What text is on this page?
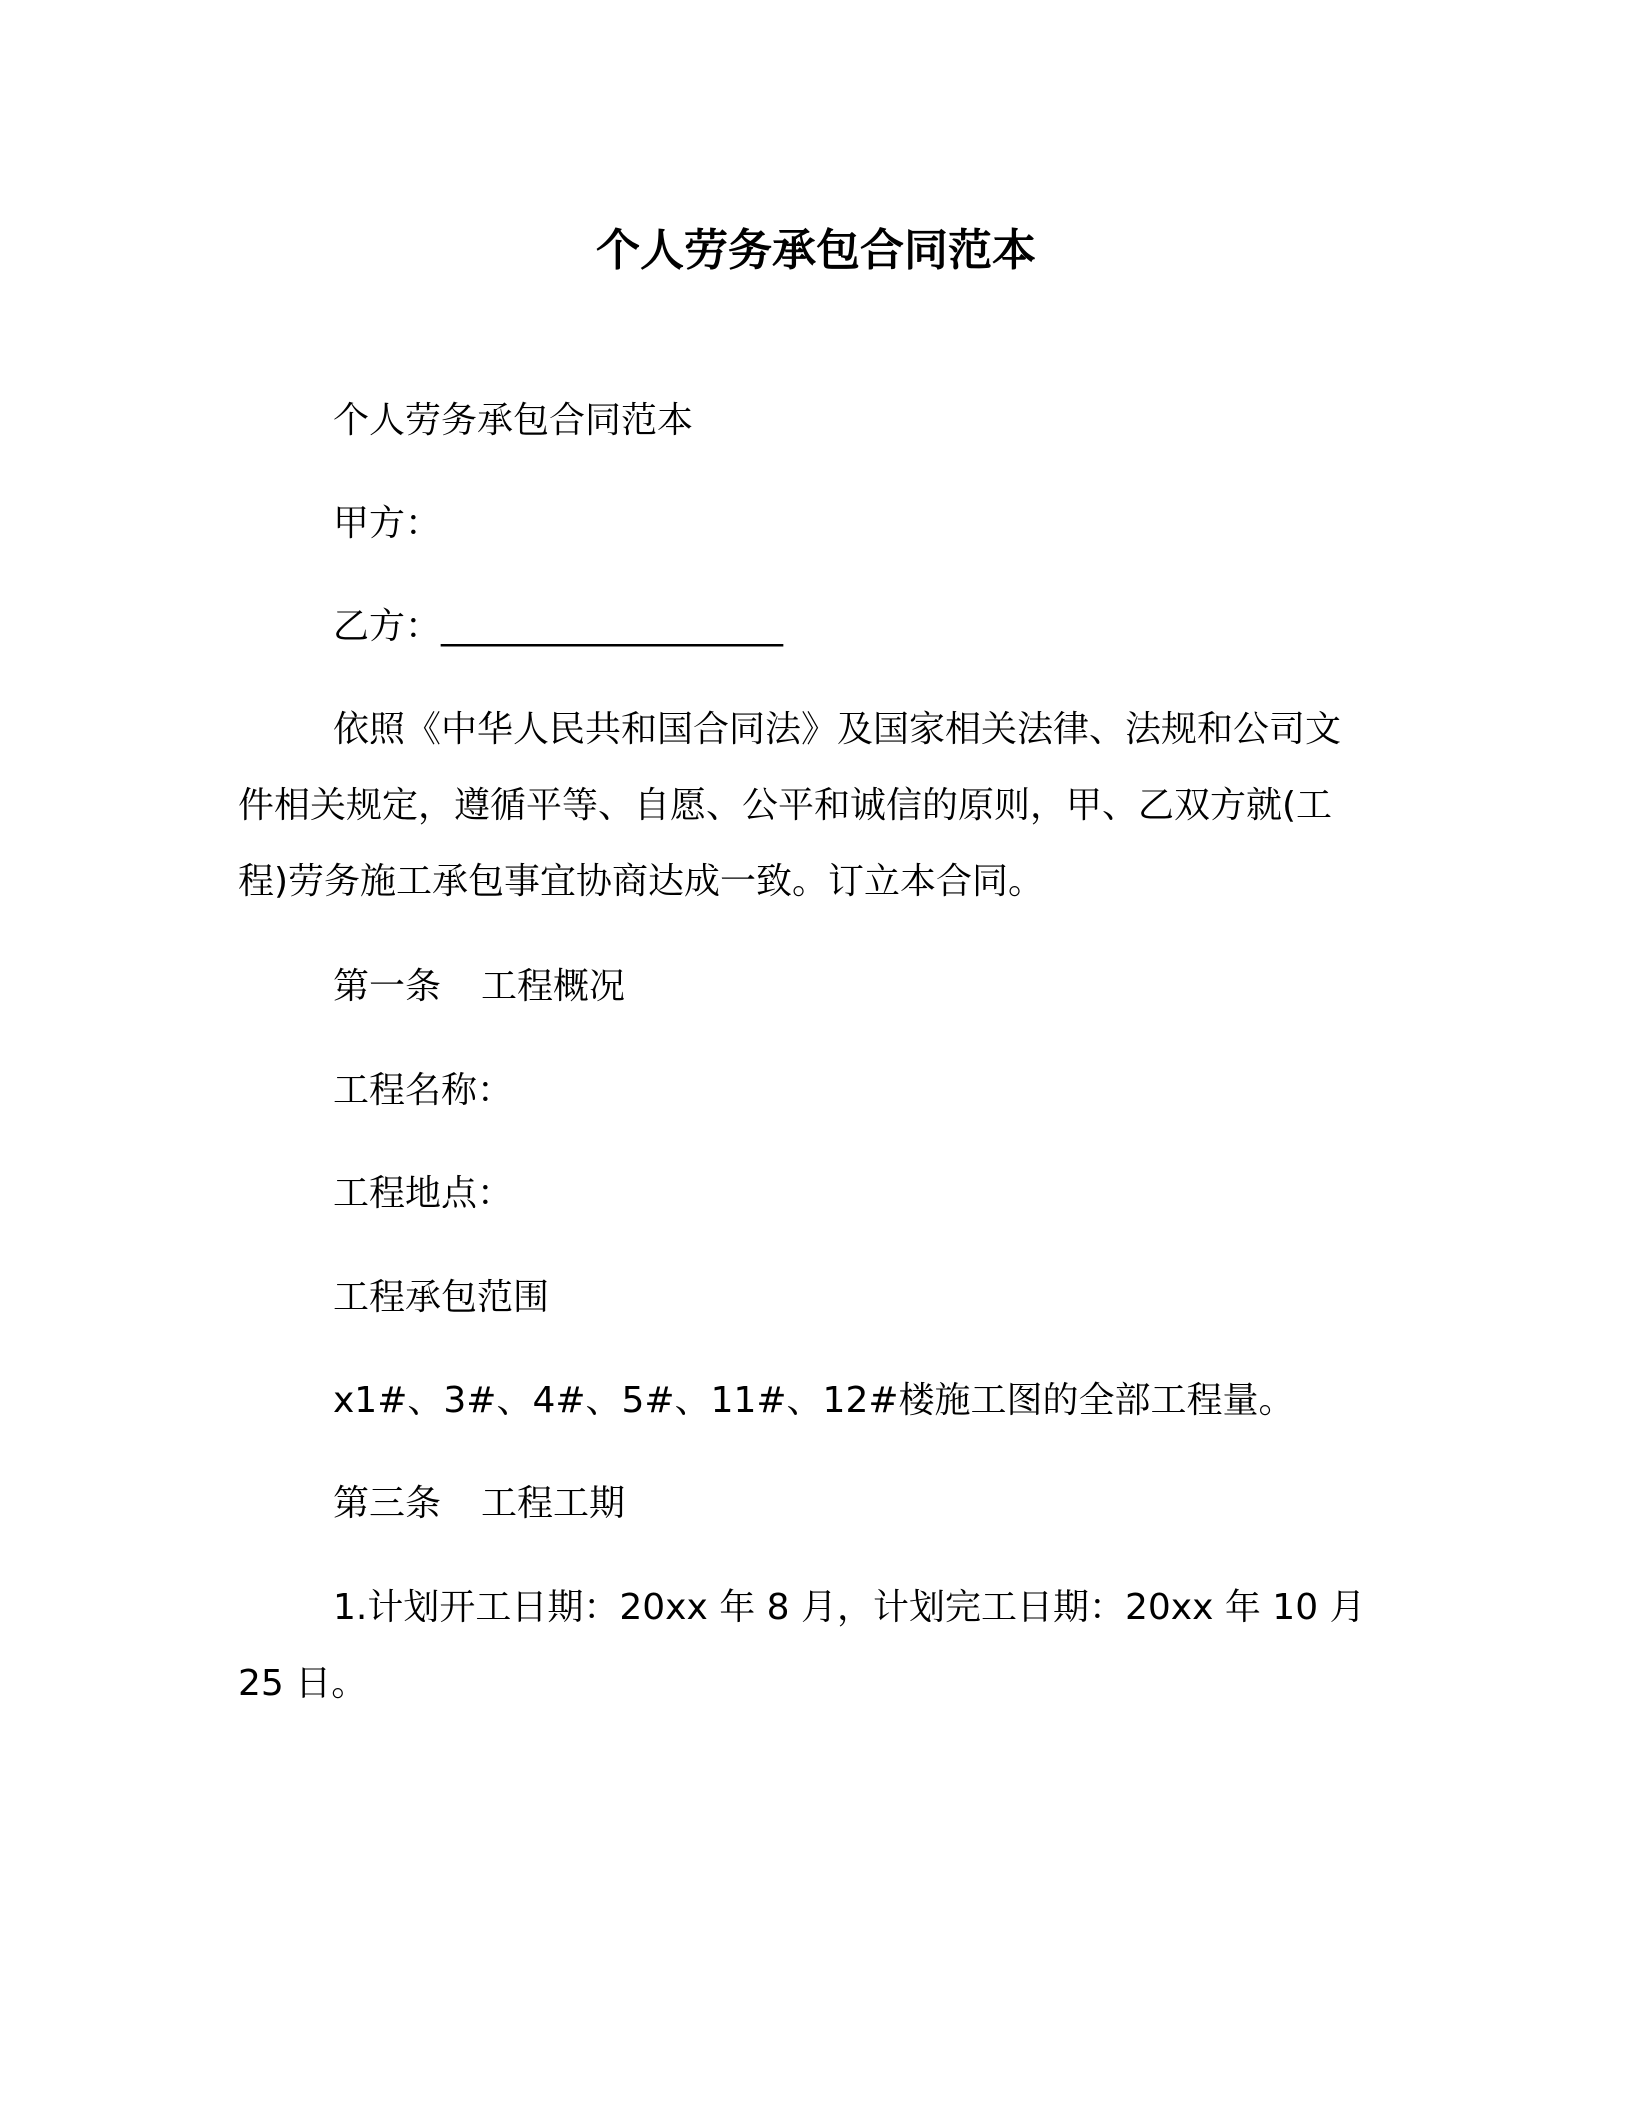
个人劳务承包合同范本

个人劳务承包合同范本

甲方：

乙方：___________________

依照《中华人民共和国合同法》及国家相关法律、法规和公司文

件相关规定，遵循平等、自愿、公平和诚信的原则，甲、乙双方就(工

程)劳务施工承包事宜协商达成一致。订立本合同。

第一条 工程概况

工程名称：

工程地点：

工程承包范围

x1#、3#、4#、5#、11#、12#楼施工图的全部工程量。

第三条 工程工期

1.计划开工日期：20xx 年 8 月，计划完工日期：20xx 年 10 月

25 日。
